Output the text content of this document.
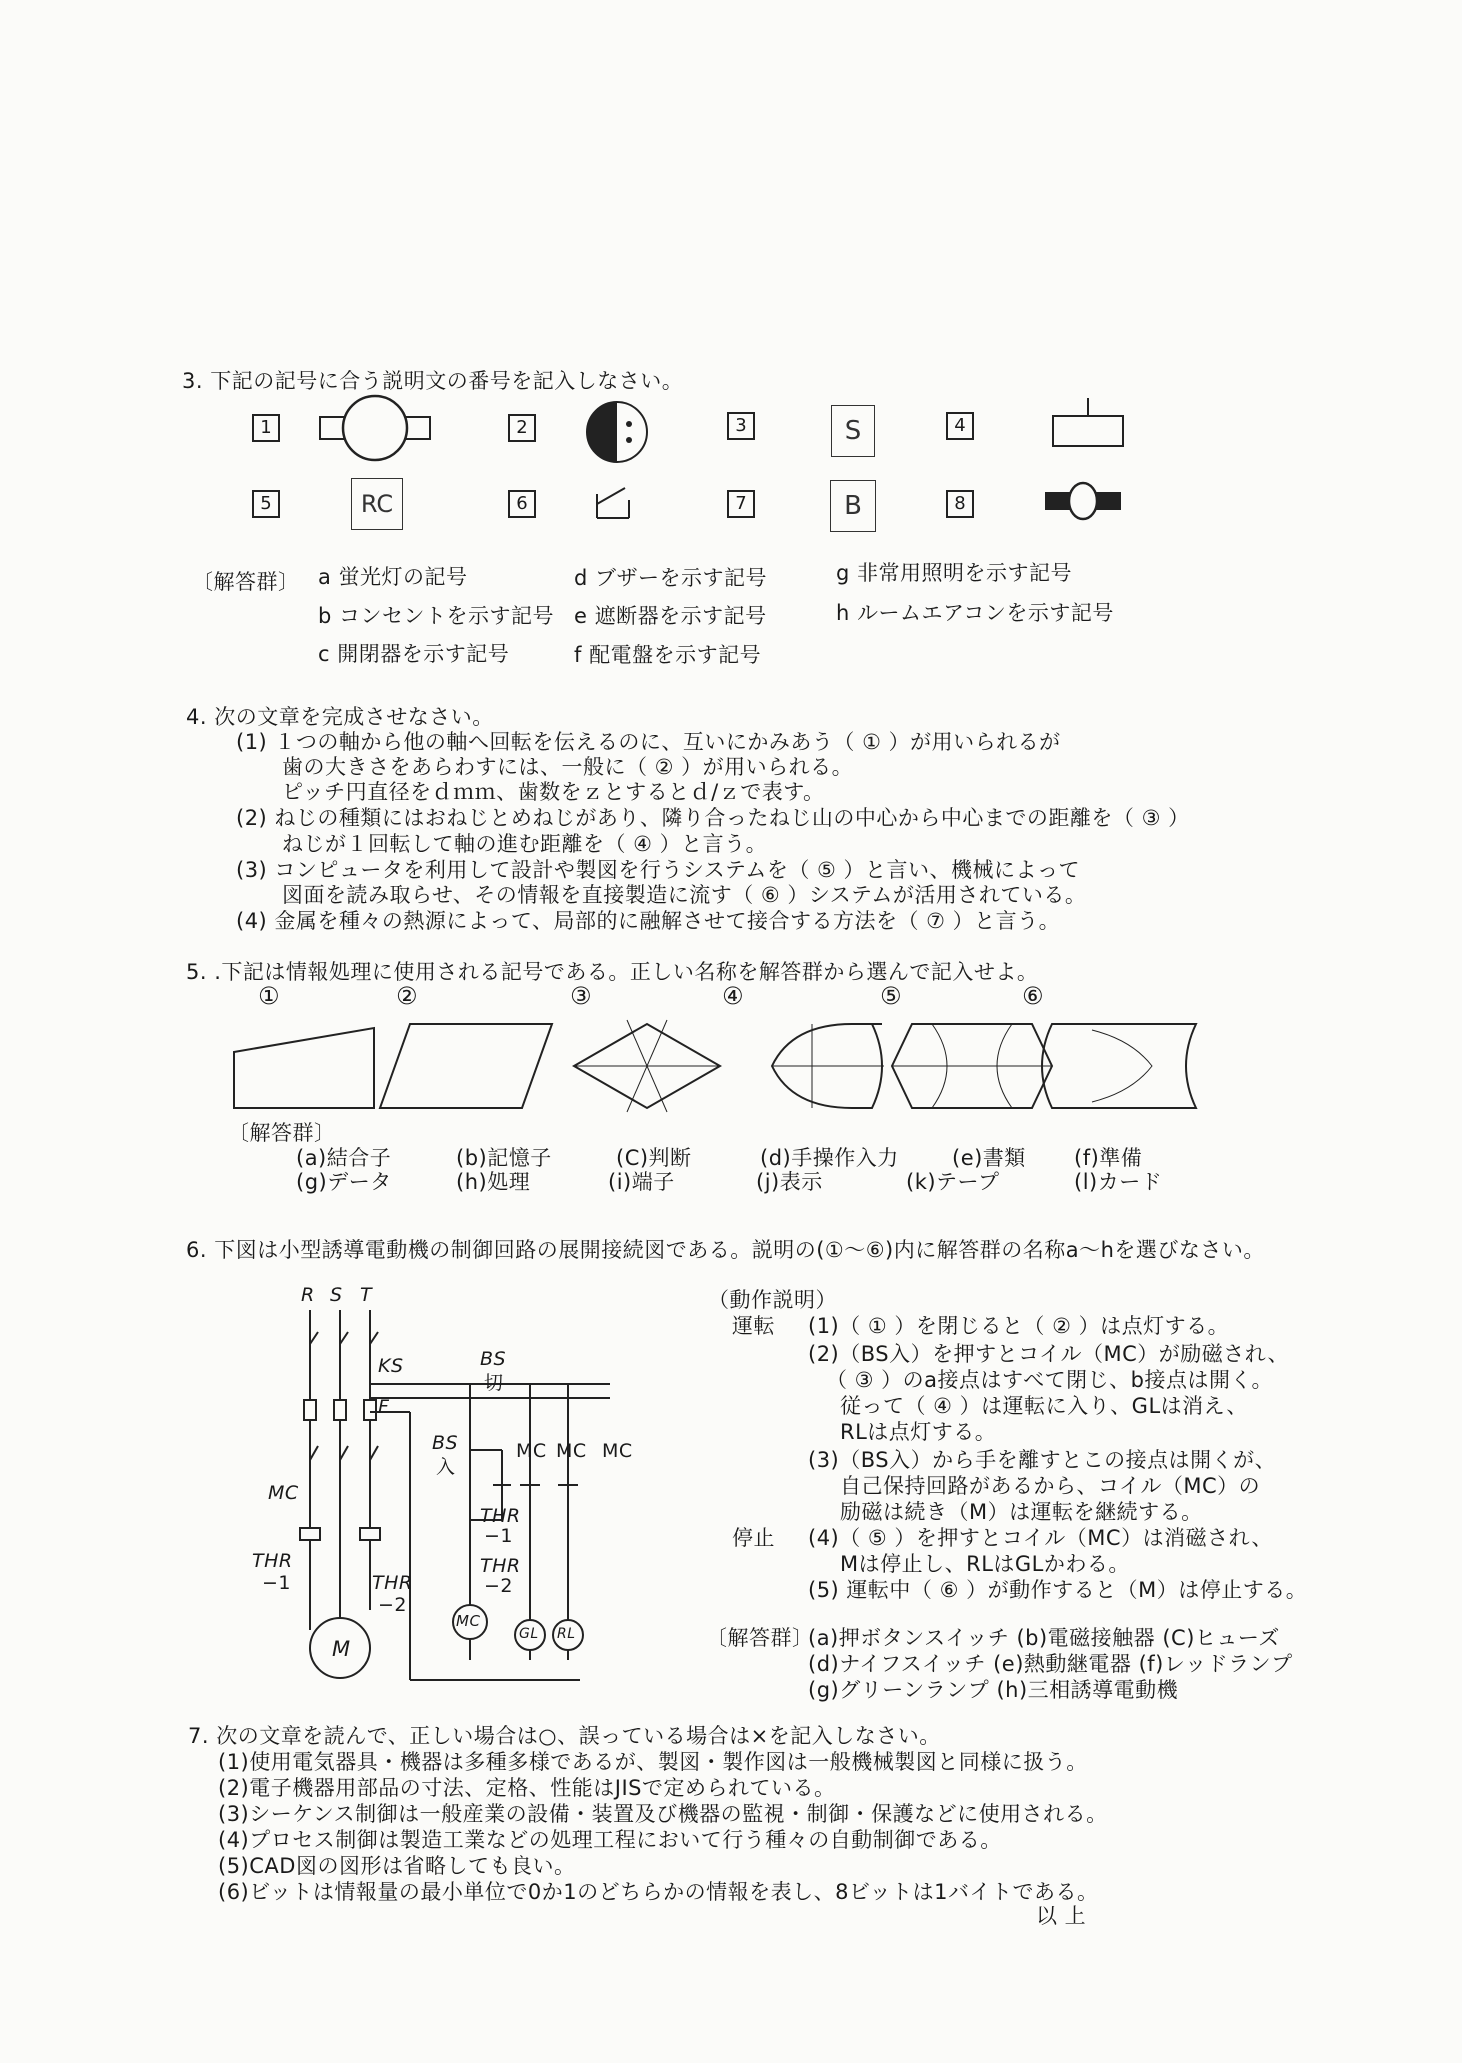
3. 下記の記号に合う説明文の番号を記入しなさい。
1	2	3	S	4
5	RC	6	7	B	8
〔解答群〕 a 蛍光灯の記号
b コンセントを示す記号
c 開閉器を示す記号
d ブザーを示す記号
e 遮断器を示す記号
f 配電盤を示す記号
g 非常用照明を示す記号
h ルームエアコンを示す記号
4. 次の文章を完成させなさい。
(1) １つの軸から他の軸へ回転を伝えるのに、互いにかみあう（ ① ）が用いられるが
歯の大きさをあらわすには、一般に（ ② ）が用いられる。
ピッチ円直径をｄｍｍ、歯数をｚとするとｄ/ｚで表す。
(2) ねじの種類にはおねじとめねじがあり、隣り合ったねじ山の中心から中心までの距離を（ ③ ）
ねじが１回転して軸の進む距離を（ ④ ）と言う。
(3) コンピュータを利用して設計や製図を行うシステムを（ ⑤ ）と言い、機械によって
図面を読み取らせ、その情報を直接製造に流す（ ⑥ ）システムが活用されている。
(4) 金属を種々の熱源によって、局部的に融解させて接合する方法を（ ⑦ ）と言う。
5. .下記は情報処理に使用される記号である。正しい名称を解答群から選んで記入せよ。
①	②	③	④	⑤	⑥
〔解答群〕
(a)結合子	(b)記憶子	(C)判断	(d)手操作入力	(e)書類 (f)準備
(g)データ	(h)処理	(i)端子	(j)表示	(k)テープ	(l)カード
6. 下図は小型誘導電動機の制御回路の展開接続図である。説明の(①～⑥)内に解答群の名称a～hを選びなさい。
R S T
KS
F
MC
THR
−1	THR
−2
M
BS
切
BS
入
MC MC MC
THR
−1
THR
−2
MC
GL RL
（動作説明）
運転 (1)（ ① ）を閉じると（ ② ）は点灯する。
(2)（BS入）を押すとコイル（MC）が励磁され、
（ ③ ）のa接点はすべて閉じ、b接点は開く。
従って（ ④ ）は運転に入り、GLは消え、
RLは点灯する。
(3)（BS入）から手を離すとこの接点は開くが、
自己保持回路があるから、コイル（MC）の
励磁は続き（M）は運転を継続する。
停止 (4)（ ⑤ ）を押すとコイル（MC）は消磁され、
Mは停止し、RLはGLかわる。
(5) 運転中（ ⑥ ）が動作すると（M）は停止する。
〔解答群〕
(a)押ボタンスイッチ (b)電磁接触器 (C)ヒューズ
(d)ナイフスイッチ (e)熱動継電器 (f)レッドランプ
(g)グリーンランプ (h)三相誘導電動機
7. 次の文章を読んで、正しい場合は○、誤っている場合は×を記入しなさい。
(1)使用電気器具・機器は多種多様であるが、製図・製作図は一般機械製図と同様に扱う。
(2)電子機器用部品の寸法、定格、性能はJISで定められている。
(3)シーケンス制御は一般産業の設備・装置及び機器の監視・制御・保護などに使用される。
(4)プロセス制御は製造工業などの処理工程において行う種々の自動制御である。
(5)CAD図の図形は省略しても良い。
(6)ビットは情報量の最小単位で0か1のどちらかの情報を表し、8ビットは1バイトである。
以 上
